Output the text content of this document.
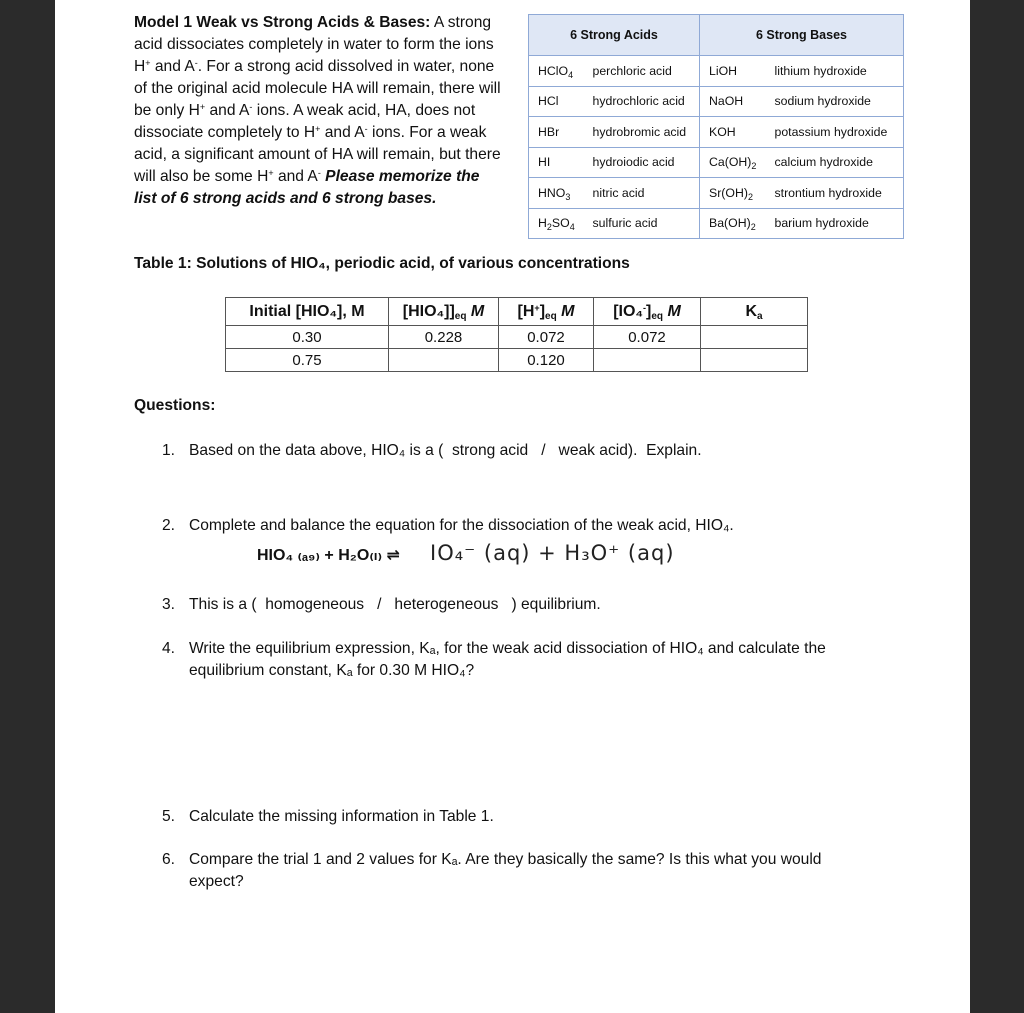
Model 1 Weak vs Strong Acids & Bases: A strong acid dissociates completely in water to form the ions H+ and A-. For a strong acid dissolved in water, none of the original acid molecule HA will remain, there will be only H+ and A- ions. A weak acid, HA, does not dissociate completely to H+ and A- ions. For a weak acid, a significant amount of HA will remain, but there will also be some H+ and A- Please memorize the list of 6 strong acids and 6 strong bases.
6 Strong Acids		6 Strong Bases	
HClO$_4$	perchloric acid	LiOH	lithium hydroxide
HCl	hydrochloric acid	NaOH	sodium hydroxide
HBr	hydrobromic acid	KOH	potassium hydroxide
HI	hydroiodic acid	$Ca(OH)_2$	calcium hydroxide
$HNO_3$	nitric acid	$Sr(OH)_2$	strontium hydroxide
$H_2SO_4$	sulfuric acid	$Ba(OH)_2$	barium hydroxide
Table 1: Solutions of HIO₄, periodic acid, of various concentrations
Initial [HIO₄], M	$[HIO_4]]_{eq}$ M	$[H^+]_{eq}$ M	$[IO_4^-]_{eq}$ M	$K_a$
0.30	0.228	0.072	0.072	
0.75		0.120		
Questions:
1. Based on the data above, HIO₄ is a (  strong acid   /   weak acid).  Explain.
2. Complete and balance the equation for the dissociation of the weak acid, HIO₄.
HIO₄ ₍ₐ₉₎ + H₂O₍ₗ₎ ⇌ IO₄⁻ (aq) + H₃O⁺ (aq)
3. This is a (  homogeneous   /   heterogeneous   ) equilibrium.
4. Write the equilibrium expression, Kₐ, for the weak acid dissociation of HIO₄ and calculate the
equilibrium constant, Kₐ for 0.30 M HIO₄?
5. Calculate the missing information in Table 1.
6. Compare the trial 1 and 2 values for Kₐ. Are they basically the same? Is this what you would
expect?
